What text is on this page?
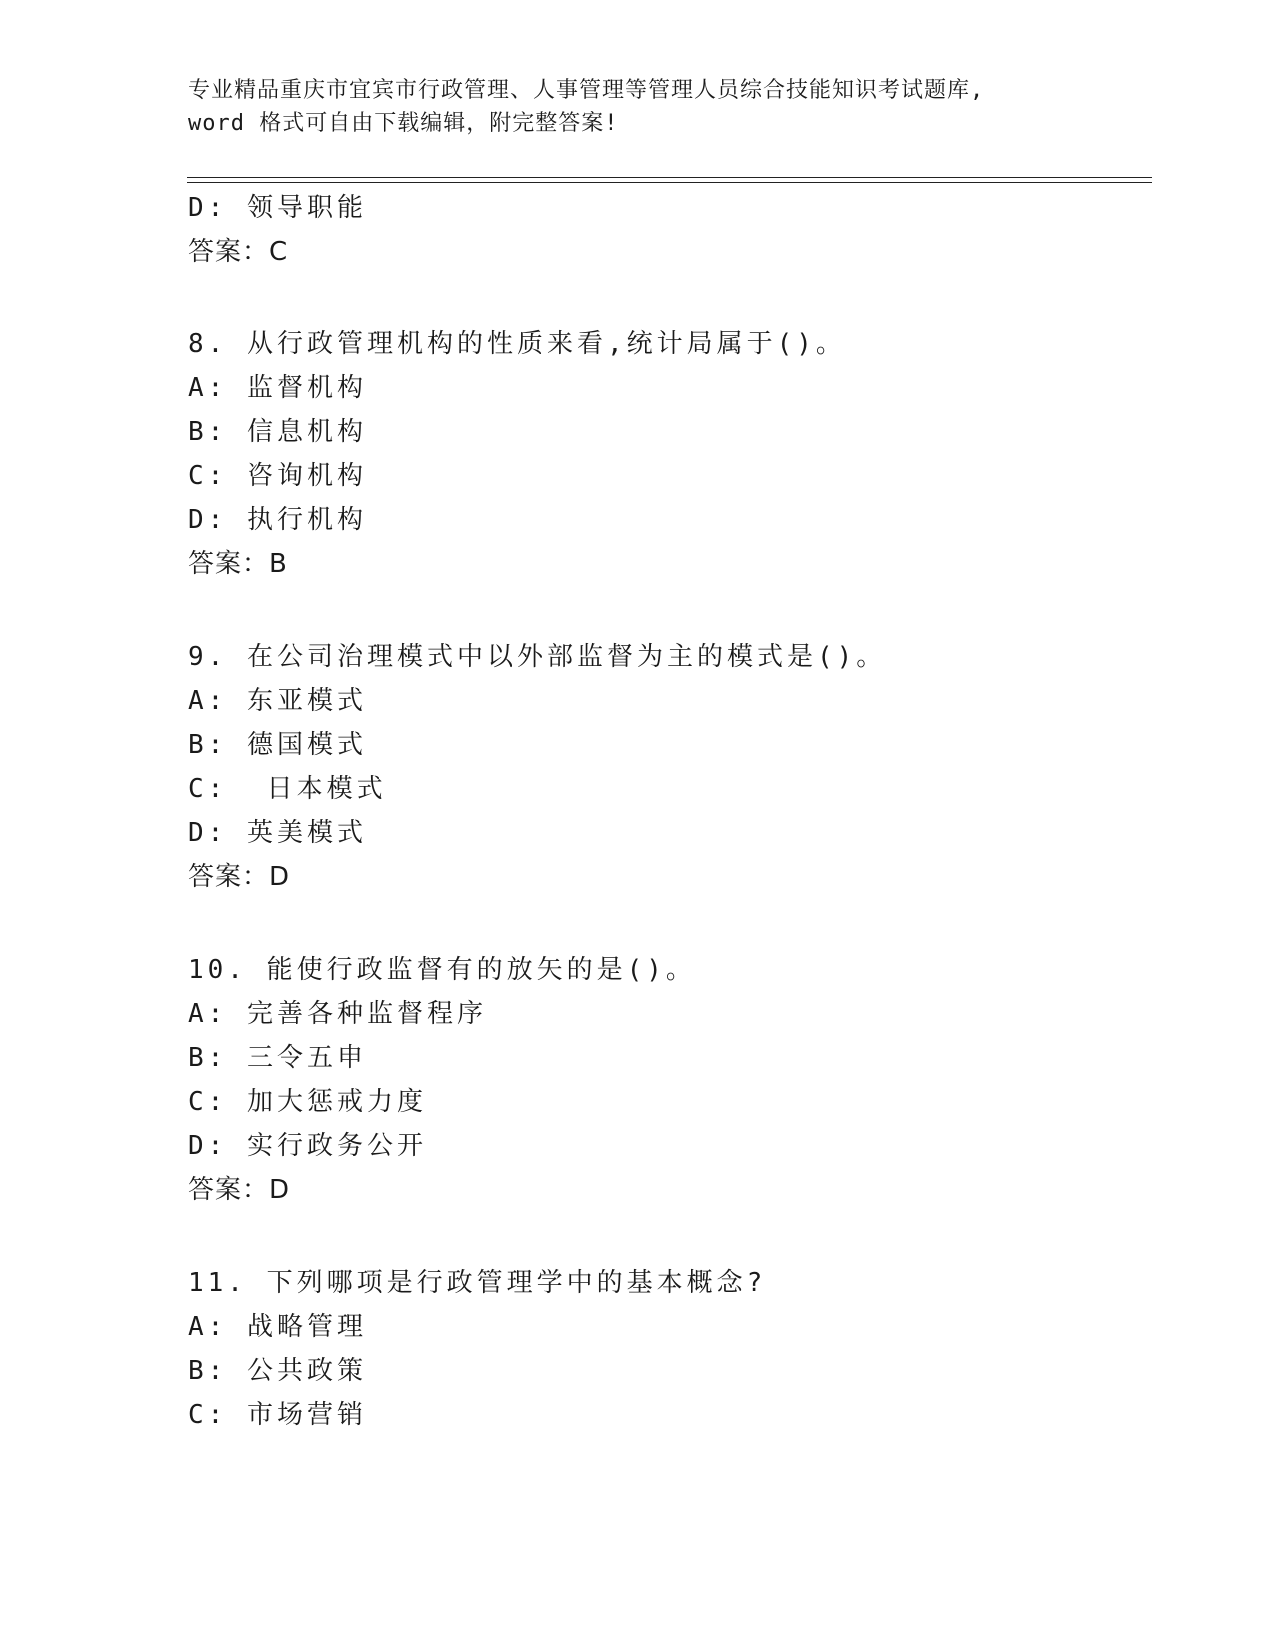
专业精品重庆市宜宾市行政管理、人事管理等管理人员综合技能知识考试题库,
word 格式可自由下载编辑，附完整答案!
D: 领导职能
答案：C
8. 从行政管理机构的性质来看,统计局属于()。
A: 监督机构
B: 信息机构
C: 咨询机构
D: 执行机构
答案：B
9. 在公司治理模式中以外部监督为主的模式是()。
A: 东亚模式
B: 德国模式
C:  日本模式
D: 英美模式
答案：D
10. 能使行政监督有的放矢的是()。
A: 完善各种监督程序
B: 三令五申
C: 加大惩戒力度
D: 实行政务公开
答案：D
11. 下列哪项是行政管理学中的基本概念?
A: 战略管理
B: 公共政策
C: 市场营销
